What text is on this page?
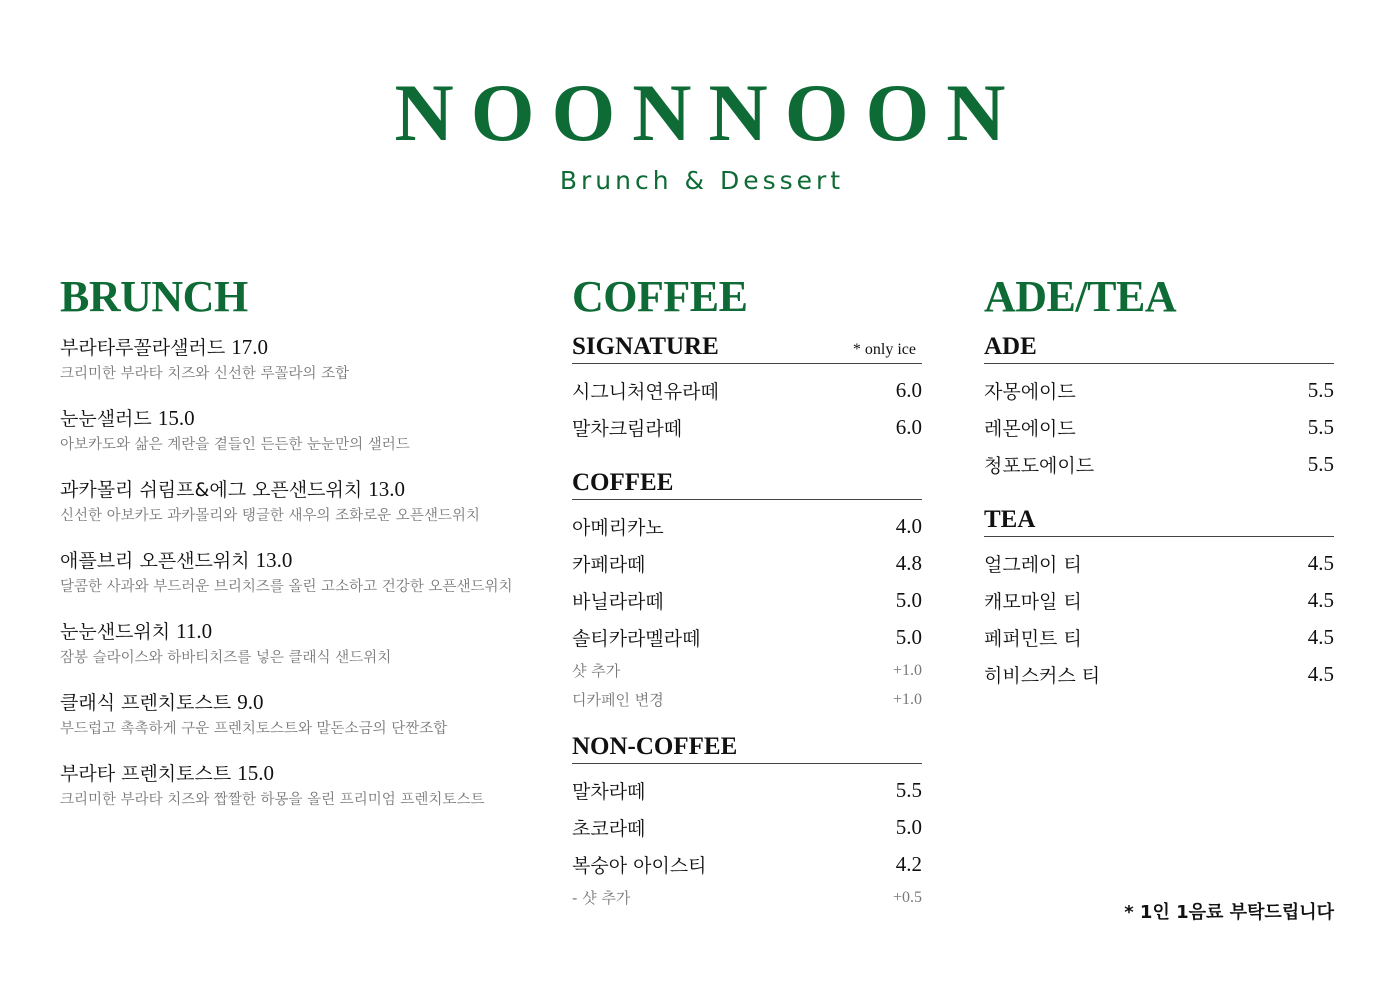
NOONNOON
Brunch & Dessert
BRUNCH
부라타루꼴라샐러드 17.0
크리미한 부라타 치즈와 신선한 루꼴라의 조합
눈눈샐러드 15.0
아보카도와 삶은 계란을 곁들인 든든한 눈눈만의 샐러드
과카몰리 쉬림프&에그 오픈샌드위치 13.0
신선한 아보카도 과카몰리와 탱글한 새우의 조화로운 오픈샌드위치
애플브리 오픈샌드위치 13.0
달콤한 사과와 부드러운 브리치즈를 올린 고소하고 건강한 오픈샌드위치
눈눈샌드위치 11.0
잠봉 슬라이스와 하바티치즈를 넣은 클래식 샌드위치
클래식 프렌치토스트 9.0
부드럽고 촉촉하게 구운 프렌치토스트와 말돈소금의 단짠조합
부라타 프렌치토스트 15.0
크리미한 부라타 치즈와 짭짤한 하몽을 올린 프리미엄 프렌치토스트
COFFEE
SIGNATURE	* only ice
시그니처연유라떼	6.0
말차크림라떼	6.0
COFFEE
아메리카노	4.0
카페라떼	4.8
바닐라라떼	5.0
솔티카라멜라떼	5.0
샷 추가	+1.0
디카페인 변경	+1.0
NON-COFFEE
말차라떼	5.5
초코라떼	5.0
복숭아 아이스티	4.2
- 샷 추가	+0.5
ADE/TEA
ADE
자몽에이드	5.5
레몬에이드	5.5
청포도에이드	5.5
TEA
얼그레이 티	4.5
캐모마일 티	4.5
페퍼민트 티	4.5
히비스커스 티	4.5
* 1인 1음료 부탁드립니다
